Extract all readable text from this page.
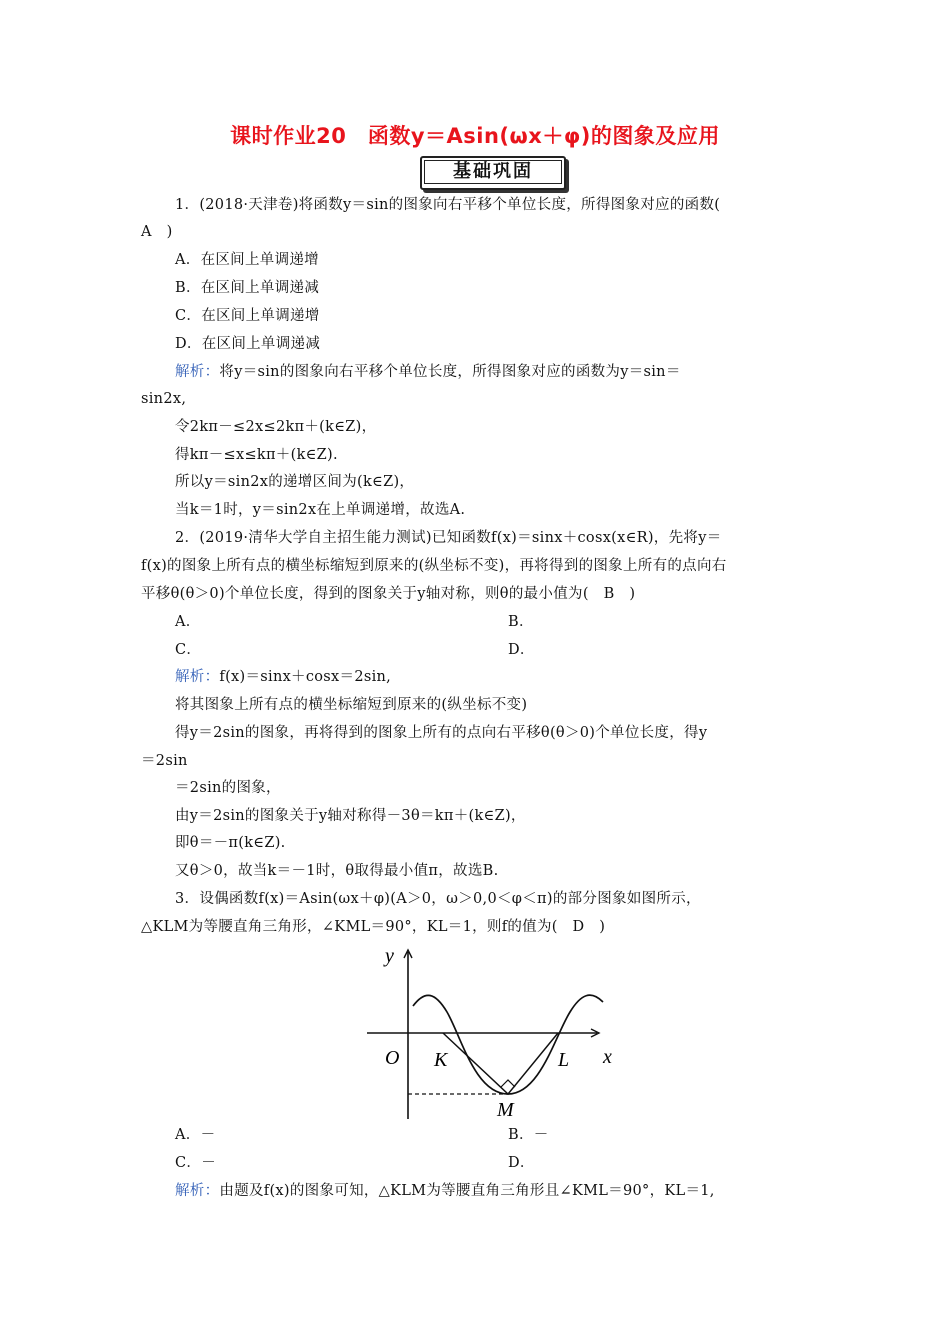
课时作业20　函数y＝Asin(ωx＋φ)的图象及应用
基础巩固
1．(2018·天津卷)将函数y＝sin的图象向右平移个单位长度，所得图象对应的函数(
A　)
A．在区间上单调递增
B．在区间上单调递减
C．在区间上单调递增
D．在区间上单调递减
解析：将y＝sin的图象向右平移个单位长度，所得图象对应的函数为y＝sin＝
sin2x,
令2kπ－≤2x≤2kπ＋(k∈Z)，
得kπ－≤x≤kπ＋(k∈Z).
所以y＝sin2x的递增区间为(k∈Z)，
当k＝1时，y＝sin2x在上单调递增，故选A.
2．(2019·清华大学自主招生能力测试)已知函数f(x)＝sinx＋cosx(x∈R)，先将y＝
f(x)的图象上所有点的横坐标缩短到原来的(纵坐标不变)，再将得到的图象上所有的点向右
平移θ(θ＞0)个单位长度，得到的图象关于y轴对称，则θ的最小值为(　B　)
A．	B．
C．	D．
解析：f(x)＝sinx＋cosx＝2sin,
将其图象上所有点的横坐标缩短到原来的(纵坐标不变)
得y＝2sin的图象，再将得到的图象上所有的点向右平移θ(θ＞0)个单位长度，得y
＝2sin
＝2sin的图象，
由y＝2sin的图象关于y轴对称得－3θ＝kπ＋(k∈Z)，
即θ＝－π(k∈Z).
又θ＞0，故当k＝－1时，θ取得最小值π，故选B.
3．设偶函数f(x)＝Asin(ωx＋φ)(A＞0，ω＞0,0＜φ＜π)的部分图象如图所示，
△KLM为等腰直角三角形，∠KML＝90°，KL＝1，则f的值为(　D　)
y
x
O K	L
M
A．－	B．－
C．－	D．
解析：由题及f(x)的图象可知，△KLM为等腰直角三角形且∠KML＝90°，KL＝1,
